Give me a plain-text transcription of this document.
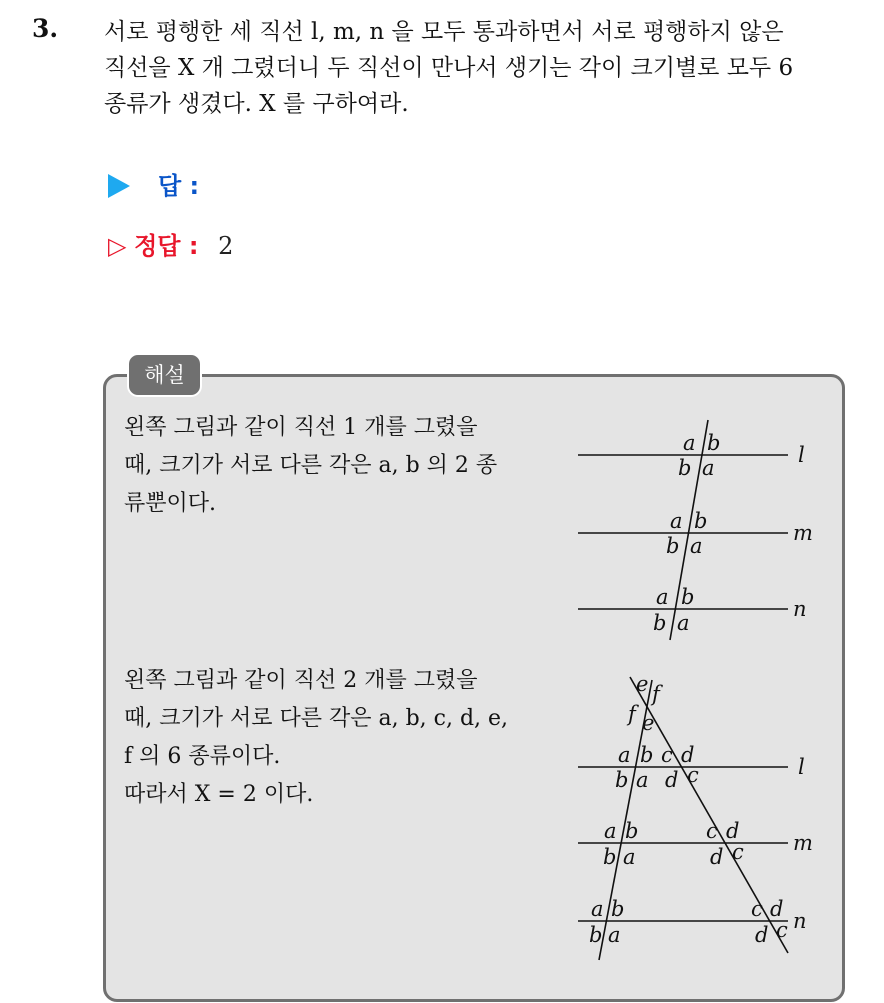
3. 서로 평행한 세 직선 l, m, n 을 모두 통과하면서 서로 평행하지 않은
직선을 X 개 그렸더니 두 직선이 만나서 생기는 각이 크기별로 모두 6
종류가 생겼다. X 를 구하여라.
답 :
▷ 정답 : 2
해설
왼쪽 그림과 같이 직선 1 개를 그렸을
때, 크기가 서로 다른 각은 a, b 의 2 종
류뿐이다.
왼쪽 그림과 같이 직선 2 개를 그렸을
때, 크기가 서로 다른 각은 a, b, c, d, e,
f 의 6 종류이다.
따라서 X = 2 이다.
l
m
n
a b
b a
a b
b a
a b
b a
l
m
n
e f
f e
a b
b a
c d
d c
a b
b a
c d
d c
a b
b a
c d
d c
